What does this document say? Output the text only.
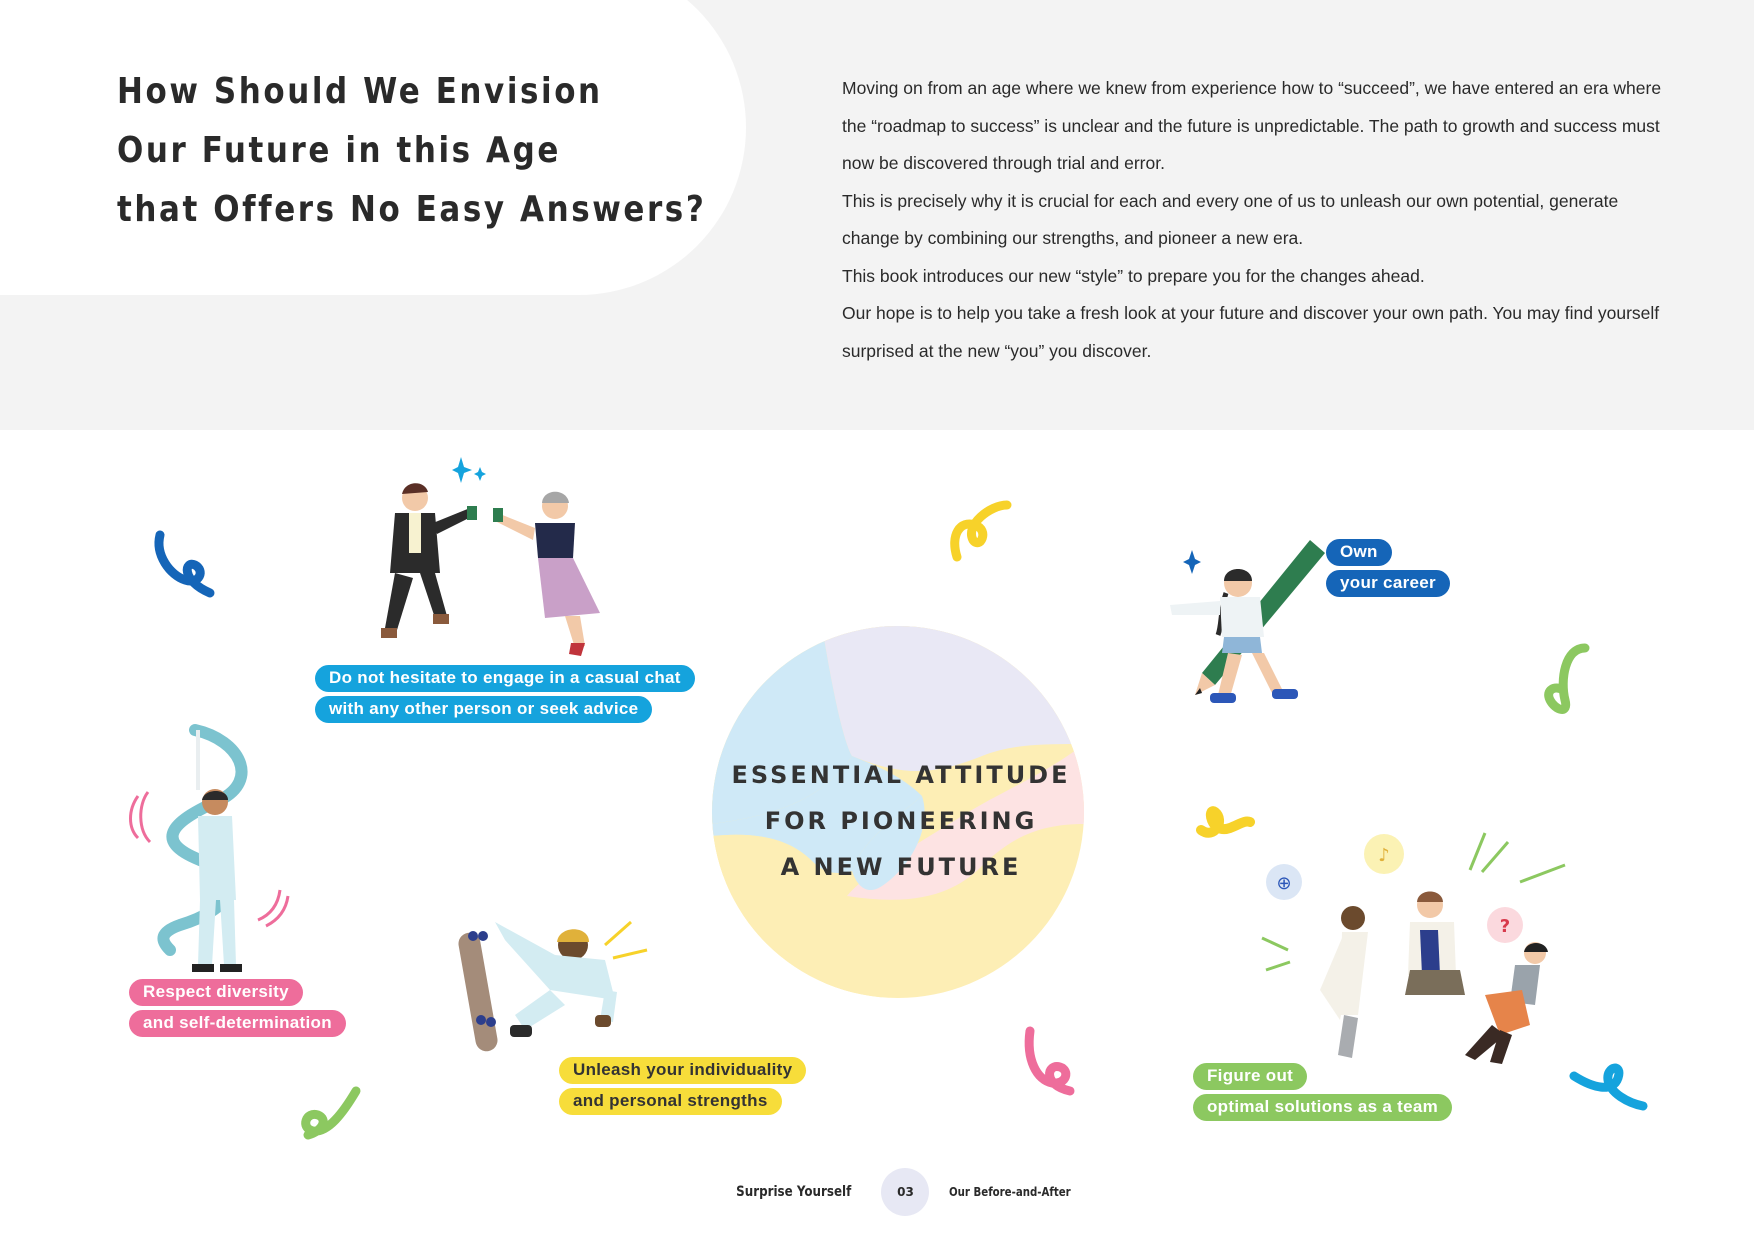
How Should We Envision
Our Future in this Age
that Offers No Easy Answers?

Moving on from an age where we knew from experience how to “succeed”, we have entered an era where the “roadmap to success” is unclear and the future is unpredictable. The path to growth and success must now be discovered through trial and error.

This is precisely why it is crucial for each and every one of us to unleash our own potential, generate change by combining our strengths, and pioneer a new era.

This book introduces our new “style” to prepare you for the changes ahead.

Our hope is to help you take a fresh look at your future and discover your own path. You may find yourself surprised at the new “you” you discover.

ESSENTIAL ATTITUDE
FOR PIONEERING
A NEW FUTURE
Do not hesitate to engage in a casual chat
with any other person or seek advice
Own
your career
Respect diversity
and self-determination
Unleash your individuality
and personal strengths
Figure out
optimal solutions as a team
♪
⊕
?
Surprise Yourself	03	Our Before-and-After
